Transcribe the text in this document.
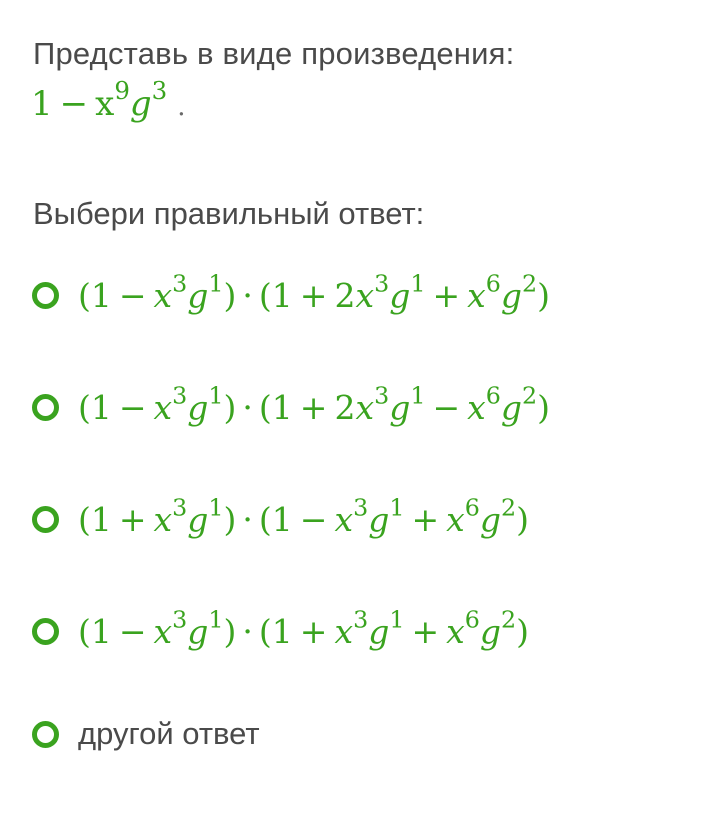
Представь в виде произведения:
$1 - x^9g^3$.
Выбери правильный ответ:
$(1 - x^3g^1) \cdot (1 + 2x^3g^1 + x^6g^2)$
$(1 - x^3g^1) \cdot (1 + 2x^3g^1 - x^6g^2)$
$(1 + x^3g^1) \cdot (1 - x^3g^1 + x^6g^2)$
$(1 - x^3g^1) \cdot (1 + x^3g^1 + x^6g^2)$
другой ответ
